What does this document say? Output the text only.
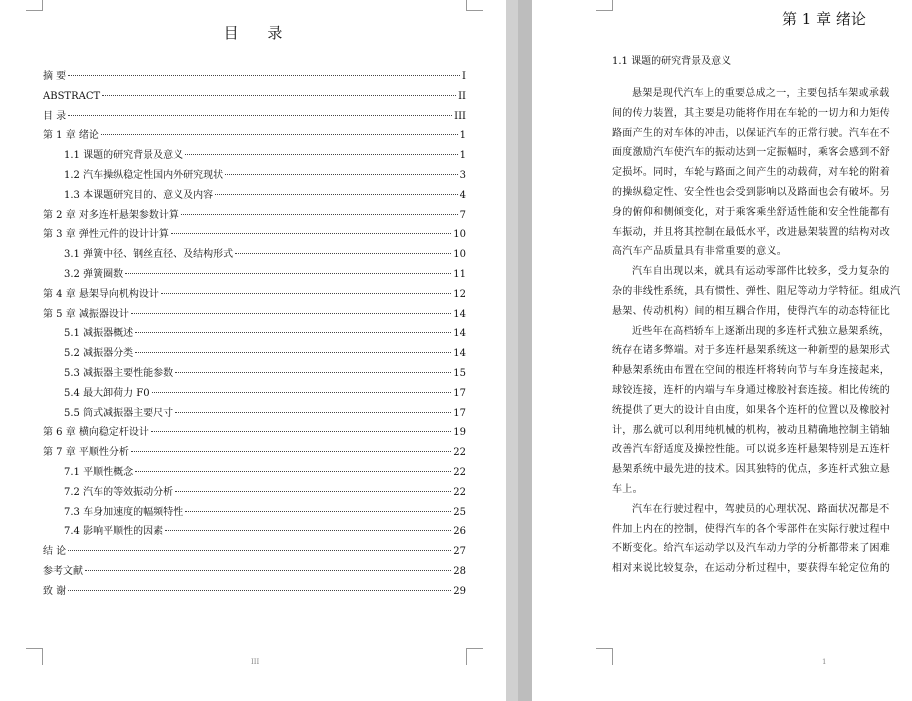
目 录
摘 要	I
ABSTRACT	II
目 录	III
第 1 章 绪论	1
1.1 课题的研究背景及意义	1
1.2 汽车操纵稳定性国内外研究现状	3
1.3 本课题研究目的、意义及内容	4
第 2 章 对多连杆悬架参数计算	7
第 3 章 弹性元件的设计计算	10
3.1 弹簧中径、钢丝直径、及结构形式	10
3.2 弹簧圈数	11
第 4 章 悬架导向机构设计	12
第 5 章 减振器设计	14
5.1 减振器概述	14
5.2 减振器分类	14
5.3 减振器主要性能参数	15
5.4 最大卸荷力 F0	17
5.5 筒式减振器主要尺寸	17
第 6 章 横向稳定杆设计	19
第 7 章 平顺性分析	22
7.1 平顺性概念	22
7.2 汽车的等效振动分析	22
7.3 车身加速度的幅频特性	25
7.4 影响平顺性的因素	26
结 论	27
参考文献	28
致 谢	29
III
第 1 章 绪论
1.1 课题的研究背景及意义
悬架是现代汽车上的重要总成之一，主要包括车架或承载
间的传力装置，其主要是功能将作用在车轮的一切力和力矩传
路面产生的对车体的冲击，以保证汽车的正常行驶。汽车在不
面度激励汽车使汽车的振动达到一定振幅时，乘客会感到不舒
定损坏。同时，车轮与路面之间产生的动载荷，对车轮的附着
的操纵稳定性、安全性也会受到影响以及路面也会有破坏。另
身的俯仰和侧倾变化，对于乘客乘坐舒适性能和安全性能都有
车振动，并且将其控制在最低水平，改进悬架装置的结构对改
高汽车产品质量具有非常重要的意义。
汽车自出现以来，就具有运动零部件比较多，受力复杂的
杂的非线性系统，具有惯性、弹性、阻尼等动力学特征。组成汽
悬架、传动机构）间的相互耦合作用，使得汽车的动态特征比
近些年在高档轿车上逐渐出现的多连杆式独立悬架系统，
统存在诸多弊端。对于多连杆悬架系统这一种新型的悬架形式
种悬架系统由布置在空间的根连杆将转向节与车身连接起来，
球铰连接，连杆的内端与车身通过橡胶衬套连接。相比传统的
统提供了更大的设计自由度，如果各个连杆的位置以及橡胶衬
计，那么就可以利用纯机械的机构，被动且精确地控制主销轴
改善汽车舒适度及操控性能。可以说多连杆悬架特别是五连杆
悬架系统中最先进的技术。因其独特的优点，多连杆式独立悬
车上。
汽车在行驶过程中，驾驶员的心理状况、路面状况都是不
件加上内在的控制，使得汽车的各个零部件在实际行驶过程中
不断变化。给汽车运动学以及汽车动力学的分析都带来了困难
相对来说比较复杂，在运动分析过程中，要获得车轮定位角的
1
